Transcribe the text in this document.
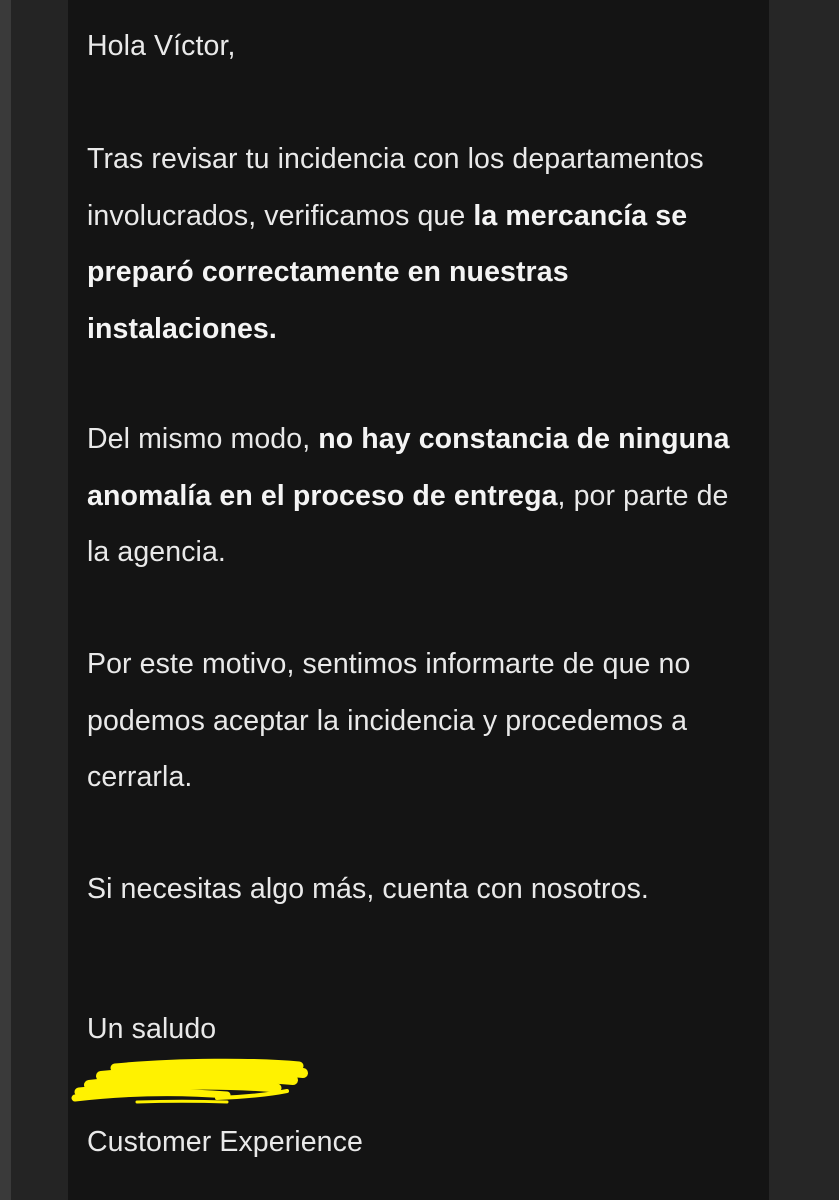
Hola Víctor,

Tras revisar tu incidencia con los departamentos involucrados, verificamos que la mercancía se preparó correctamente en nuestras instalaciones.

Del mismo modo, no hay constancia de ninguna anomalía en el proceso de entrega, por parte de la agencia.

Por este motivo, sentimos informarte de que no podemos aceptar la incidencia y procedemos a cerrarla.

Si necesitas algo más, cuenta con nosotros.

Un saludo

Customer Experience
